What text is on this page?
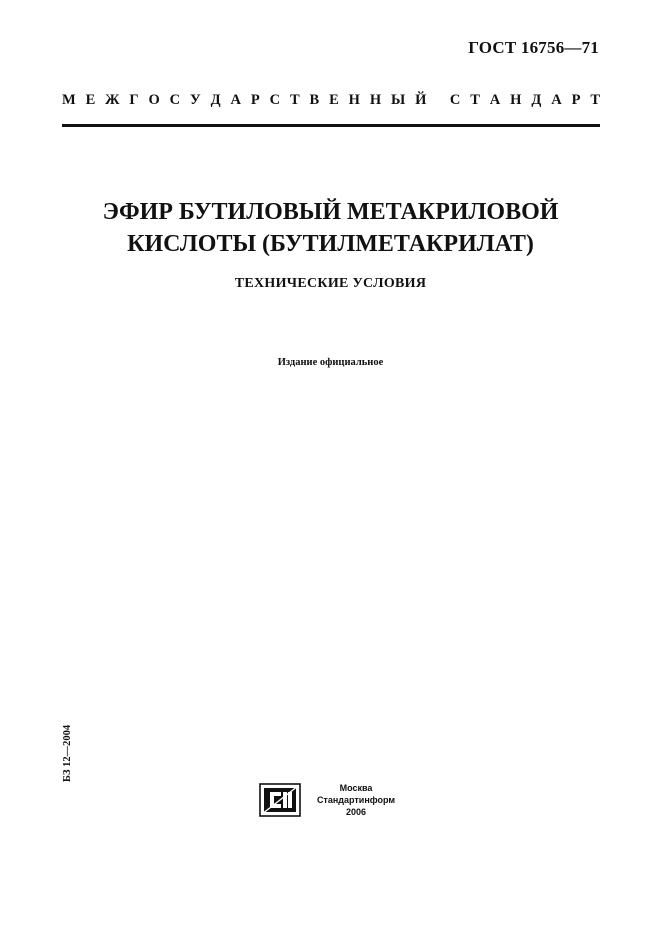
ГОСТ 16756—71
М Е Ж Г О С У Д А Р С Т В Е Н Н Ы Й
С Т А Н Д А Р Т
ЭФИР БУТИЛОВЫЙ МЕТАКРИЛОВОЙ
КИСЛОТЫ (БУТИЛМЕТАКРИЛАТ)
ТЕХНИЧЕСКИЕ УСЛОВИЯ
Издание официальное
БЗ 12—2004
Москва
Стандартинформ
2006
